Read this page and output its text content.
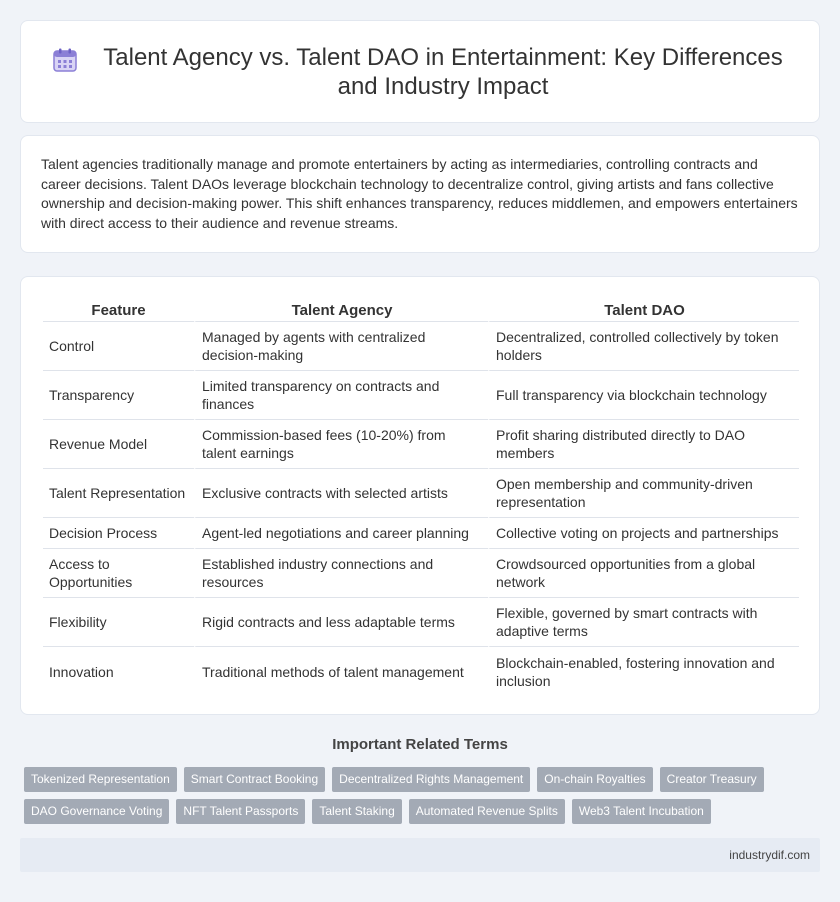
Talent Agency vs. Talent DAO in Entertainment: Key Differences and Industry Impact

Talent agencies traditionally manage and promote entertainers by acting as intermediaries, controlling contracts and career decisions. Talent DAOs leverage blockchain technology to decentralize control, giving artists and fans collective ownership and decision-making power. This shift enhances transparency, reduces middlemen, and empowers entertainers with direct access to their audience and revenue streams.

Feature	Talent Agency	Talent DAO
Control	Managed by agents with centralized decision-making	Decentralized, controlled collectively by token holders
Transparency	Limited transparency on contracts and finances	Full transparency via blockchain technology
Revenue Model	Commission-based fees (10-20%) from talent earnings	Profit sharing distributed directly to DAO members
Talent Representation	Exclusive contracts with selected artists	Open membership and community-driven representation
Decision Process	Agent-led negotiations and career planning	Collective voting on projects and partnerships
Access to Opportunities	Established industry connections and resources	Crowdsourced opportunities from a global network
Flexibility	Rigid contracts and less adaptable terms	Flexible, governed by smart contracts with adaptive terms
Innovation	Traditional methods of talent management	Blockchain-enabled, fostering innovation and inclusion
Important Related Terms
Tokenized Representation	Smart Contract Booking	Decentralized Rights Management	On-chain Royalties	Creator Treasury
DAO Governance Voting	NFT Talent Passports	Talent Staking	Automated Revenue Splits	Web3 Talent Incubation
industrydif.com
